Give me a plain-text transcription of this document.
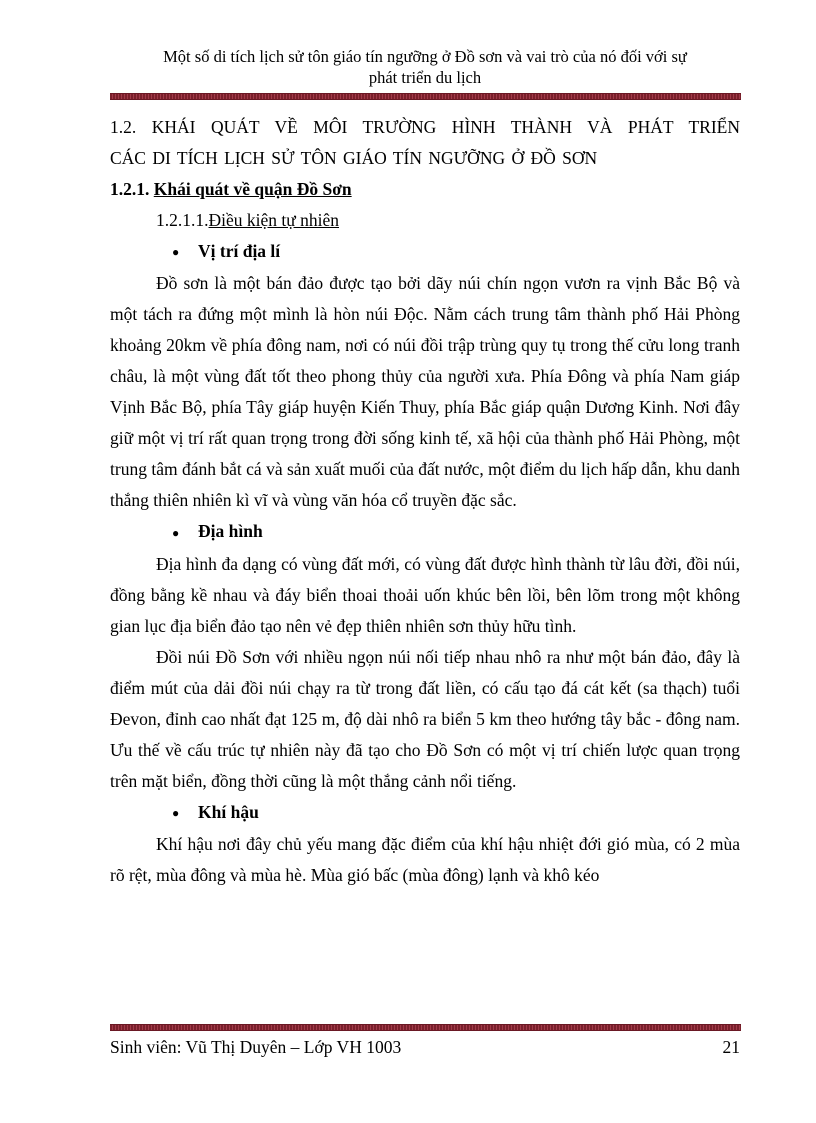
Một số di tích lịch sử tôn giáo tín ngưỡng ở Đồ sơn và vai trò của nó đối với sự
phát triển du lịch

1.2. KHÁI QUÁT VỀ MÔI TRƯỜNG HÌNH THÀNH VÀ PHÁT TRIỂN
CÁC DI TÍCH LỊCH SỬ TÔN GIÁO TÍN NGƯỠNG Ở ĐỒ SƠN

1.2.1. Khái quát về quận Đồ Sơn

1.2.1.1.Điều kiện tự nhiên

● Vị trí địa lí

Đồ sơn là một bán đảo được tạo bởi dãy núi chín ngọn vươn ra vịnh Bắc Bộ và một tách ra đứng một mình là hòn núi Độc. Nằm cách trung tâm thành phố Hải Phòng khoảng 20km về phía đông nam, nơi có núi đồi trập trùng quy tụ trong thế cửu long tranh châu, là một vùng đất tốt theo phong thủy của người xưa. Phía Đông và phía Nam giáp Vịnh Bắc Bộ, phía Tây giáp huyện Kiến Thuy, phía Bắc giáp quận Dương Kinh. Nơi đây giữ một vị trí rất quan trọng trong đời sống kinh tế, xã hội của thành phố Hải Phòng, một trung tâm đánh bắt cá và sản xuất muối của đất nước, một điểm du lịch hấp dẫn, khu danh thắng thiên nhiên kì vĩ và vùng văn hóa cổ truyền đặc sắc.

● Địa hình

Địa hình đa dạng có vùng đất mới, có vùng đất được hình thành từ lâu đời, đồi núi, đồng bằng kề nhau và đáy biển thoai thoải uốn khúc bên lồi, bên lõm trong một không gian lục địa biển đảo tạo nên vẻ đẹp thiên nhiên sơn thủy hữu tình.

Đồi núi Đồ Sơn với nhiều ngọn núi nối tiếp nhau nhô ra như một bán đảo, đây là điểm mút của dải đồi núi chạy ra từ trong đất liền, có cấu tạo đá cát kết (sa thạch) tuổi Đevon, đỉnh cao nhất đạt 125 m, độ dài nhô ra biển 5 km theo hướng tây bắc - đông nam. Ưu thế về cấu trúc tự nhiên này đã tạo cho Đồ Sơn có một vị trí chiến lược quan trọng trên mặt biển, đồng thời cũng là một thắng cảnh nổi tiếng.

● Khí hậu

Khí hậu nơi đây chủ yếu mang đặc điểm của khí hậu nhiệt đới gió mùa, có 2 mùa rõ rệt, mùa đông và mùa hè. Mùa gió bấc (mùa đông) lạnh và khô kéo

Sinh viên: Vũ Thị Duyên – Lớp VH 1003	21
